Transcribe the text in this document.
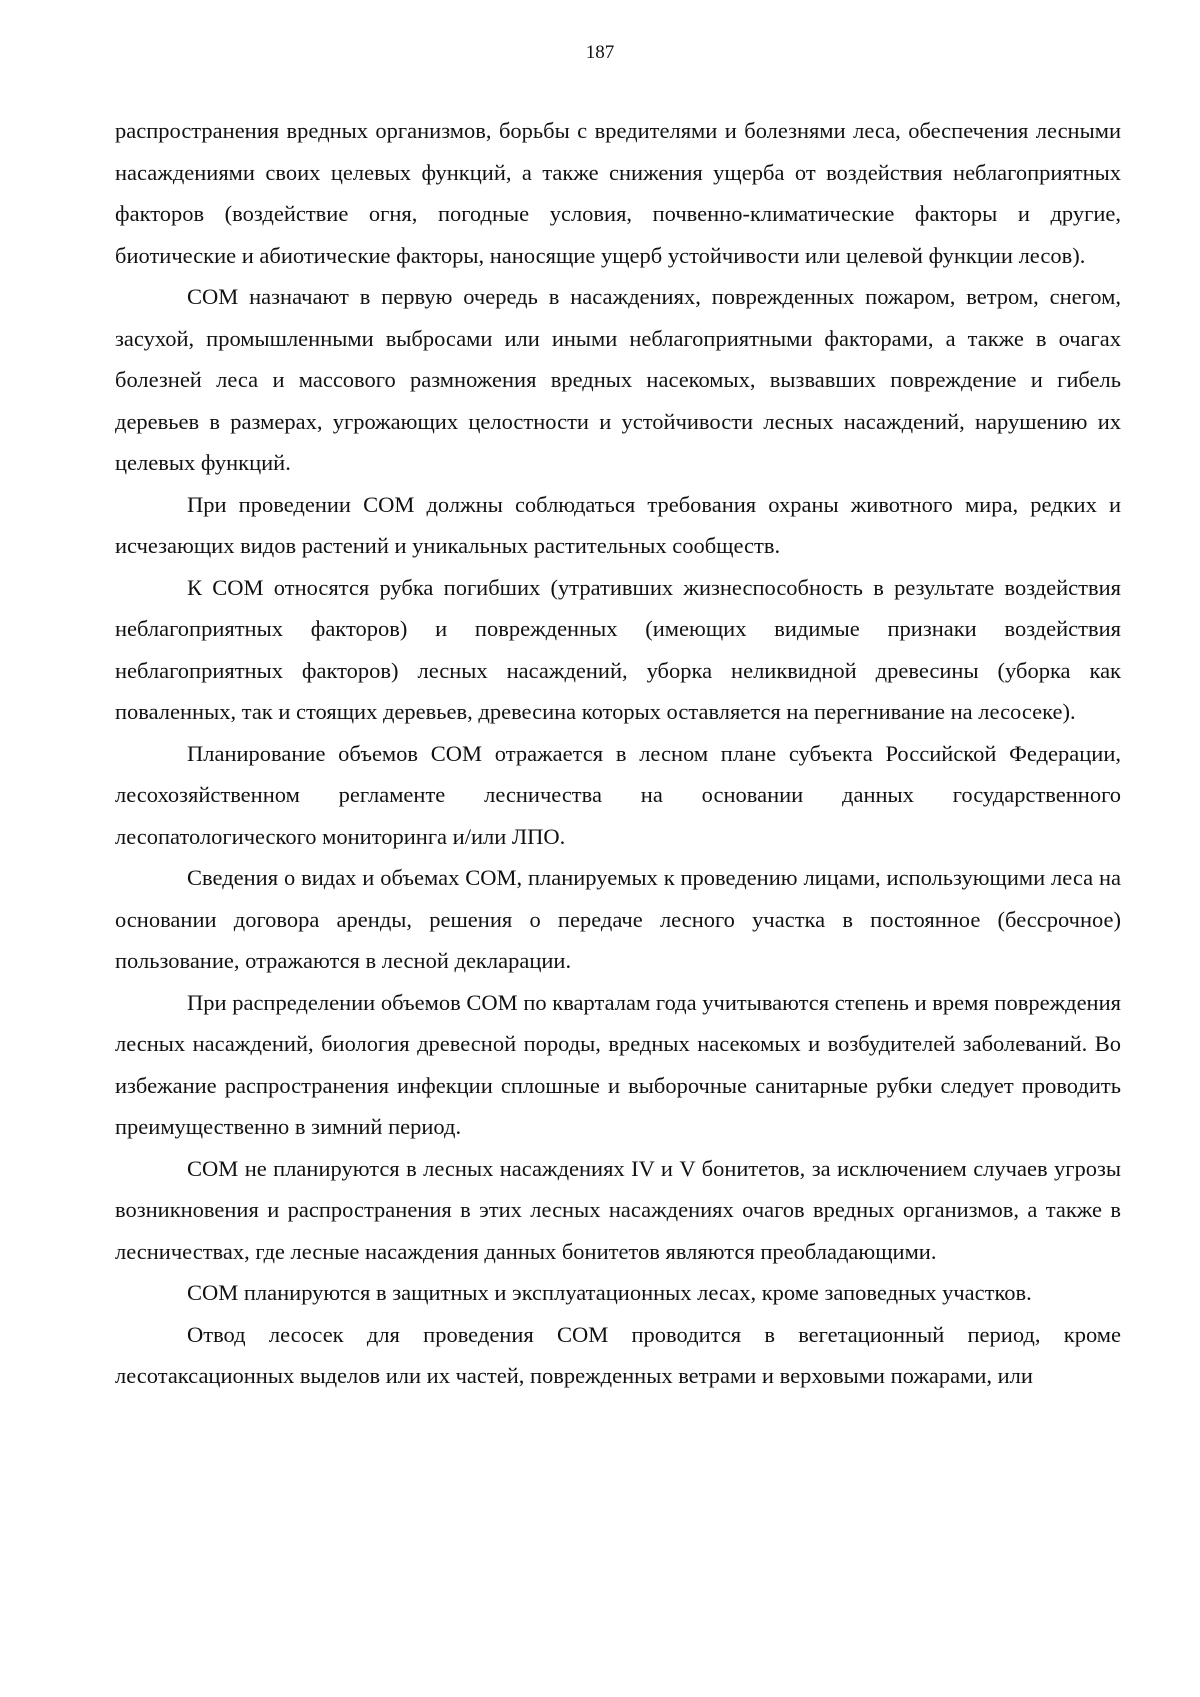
187

распространения вредных организмов, борьбы с вредителями и болезнями леса, обеспечения лесными насаждениями своих целевых функций, а также снижения ущерба от воздействия неблагоприятных факторов (воздействие огня, погодные условия, почвенно-климатические факторы и другие, биотические и абиотические факторы, наносящие ущерб устойчивости или целевой функции лесов).

СОМ назначают в первую очередь в насаждениях, поврежденных пожаром, ветром, снегом, засухой, промышленными выбросами или иными неблагоприятными факторами, а также в очагах болезней леса и массового размножения вредных насекомых, вызвавших повреждение и гибель деревьев в размерах, угрожающих целостности и устойчивости лесных насаждений, нарушению их целевых функций.

При проведении СОМ должны соблюдаться требования охраны животного мира, редких и исчезающих видов растений и уникальных растительных сообществ.

К СОМ относятся рубка погибших (утративших жизнеспособность в результате воздействия неблагоприятных факторов) и поврежденных (имеющих видимые признаки воздействия неблагоприятных факторов) лесных насаждений, уборка неликвидной древесины (уборка как поваленных, так и стоящих деревьев, древесина которых оставляется на перегнивание на лесосеке).

Планирование объемов СОМ отражается в лесном плане субъекта Российской Федерации, лесохозяйственном регламенте лесничества на основании данных государственного лесопатологического мониторинга и/или ЛПО.

Сведения о видах и объемах СОМ, планируемых к проведению лицами, использующими леса на основании договора аренды, решения о передаче лесного участка в постоянное (бессрочное) пользование, отражаются в лесной декларации.

При распределении объемов СОМ по кварталам года учитываются степень и время повреждения лесных насаждений, биология древесной породы, вредных насекомых и возбудителей заболеваний. Во избежание распространения инфекции сплошные и выборочные санитарные рубки следует проводить преимущественно в зимний период.

СОМ не планируются в лесных насаждениях IV и V бонитетов, за исключением случаев угрозы возникновения и распространения в этих лесных насаждениях очагов вредных организмов, а также в лесничествах, где лесные насаждения данных бонитетов являются преобладающими.

СОМ планируются в защитных и эксплуатационных лесах, кроме заповедных участков.

Отвод лесосек для проведения СОМ проводится в вегетационный период, кроме лесотаксационных выделов или их частей, поврежденных ветрами и верховыми пожарами, или
